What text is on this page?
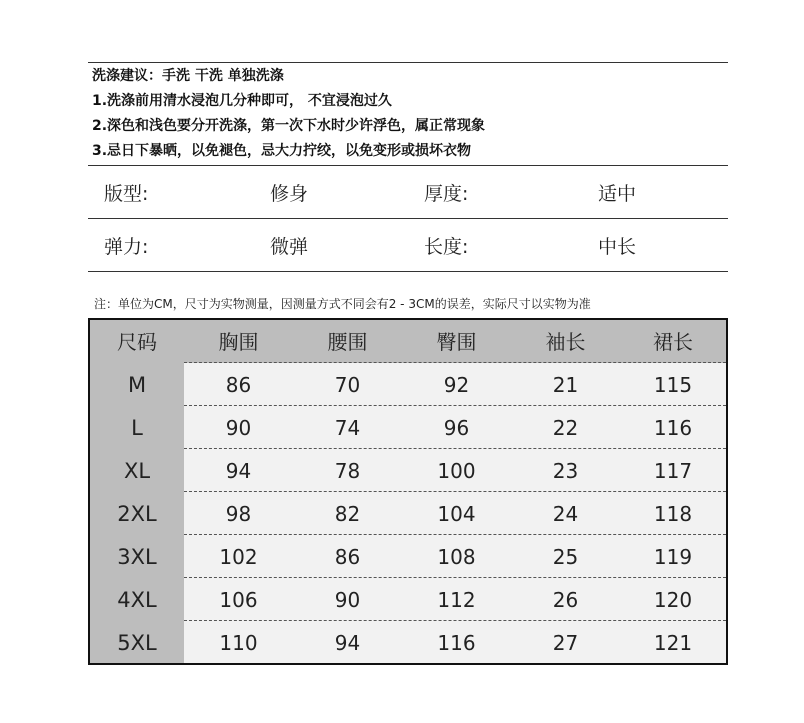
洗涤建议：手洗 干洗 单独洗涤
1.洗涤前用清水浸泡几分种即可， 不宜浸泡过久
2.深色和浅色要分开洗涤，第一次下水时少许浮色，属正常现象
3.忌日下暴晒，以免褪色，忌大力拧绞，以免变形或损坏衣物
版型:	修身	厚度:	适中
弹力:	微弹	长度:	中长
注：单位为CM，尺寸为实物测量，因测量方式不同会有2 - 3CM的误差，实际尺寸以实物为准
尺码	胸围	腰围	臀围	袖长	裙长
M	86	70	92	21	115
L	90	74	96	22	116
XL	94	78	100	23	117
2XL	98	82	104	24	118
3XL	102	86	108	25	119
4XL	106	90	112	26	120
5XL	110	94	116	27	121
